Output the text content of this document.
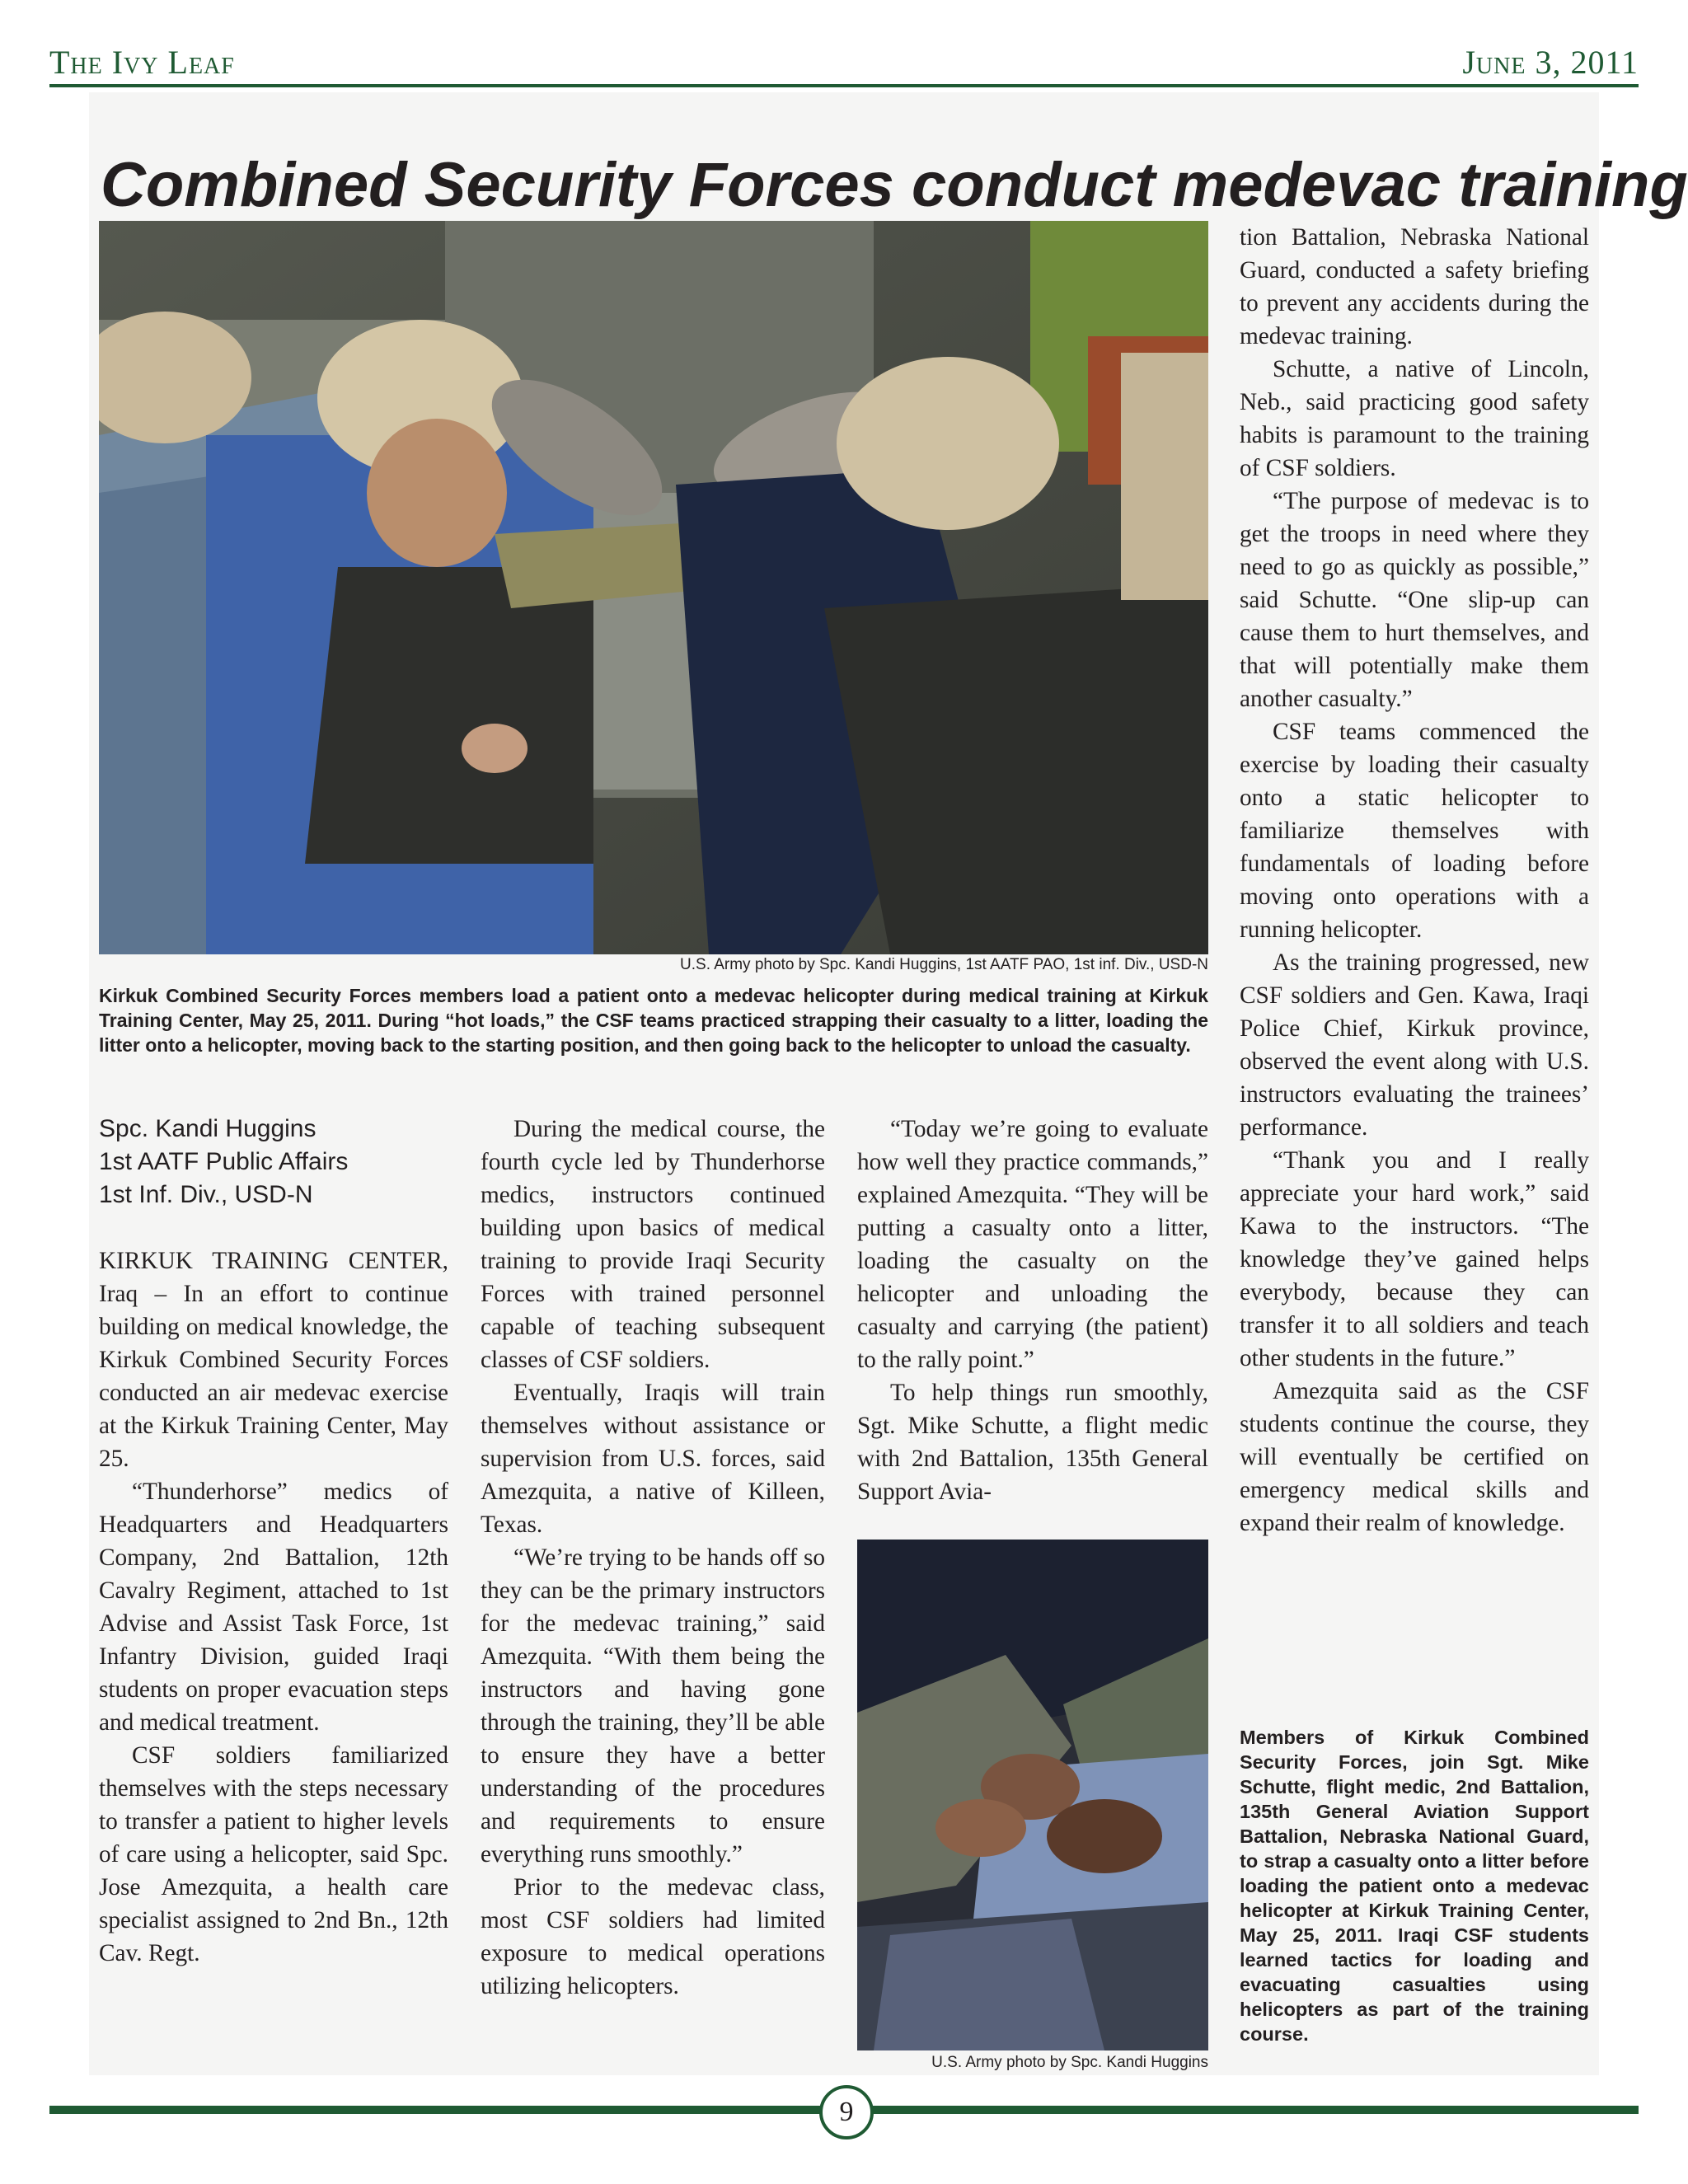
The Ivy Leaf	June 3, 2011
Combined Security Forces conduct medevac training
U.S. Army photo by Spc. Kandi Huggins, 1st AATF PAO, 1st inf. Div., USD-N

Kirkuk Combined Security Forces members load a patient onto a medevac helicopter during medical training at Kirkuk Training Center, May 25, 2011. During “hot loads,” the CSF teams practiced strapping their casualty to a litter, loading the litter onto a helicopter, moving back to the starting position, and then going back to the helicopter to unload the casualty.

Spc. Kandi Huggins
1st AATF Public Affairs
1st Inf. Div., USD-N

KIRKUK TRAINING CENTER, Iraq – In an effort to continue building on medical knowledge, the Kirkuk Combined Security Forces conducted an air medevac exercise at the Kirkuk Training Center, May 25.

“Thunderhorse” medics of Headquarters and Headquarters Company, 2nd Battalion, 12th Cavalry Regiment, attached to 1st Advise and Assist Task Force, 1st Infantry Division, guided Iraqi students on proper evacuation steps and medical treatment.

CSF soldiers familiarized themselves with the steps necessary to transfer a patient to higher levels of care using a helicopter, said Spc. Jose Amezquita, a health care specialist assigned to 2nd Bn., 12th Cav. Regt.

During the medical course, the fourth cycle led by Thunderhorse medics, instructors continued building upon basics of medical training to provide Iraqi Security Forces with trained personnel capable of teaching subsequent classes of CSF soldiers.

Eventually, Iraqis will train themselves without assistance or supervision from U.S. forces, said Amezquita, a native of Killeen, Texas.

“We’re trying to be hands off so they can be the primary instructors for the medevac training,” said Amezquita. “With them being the instructors and having gone through the training, they’ll be able to ensure they have a better understanding of the procedures and requirements to ensure everything runs smoothly.”

Prior to the medevac class, most CSF soldiers had limited exposure to medical operations utilizing helicopters.

“Today we’re going to evaluate how well they practice commands,” explained Amezquita. “They will be putting a casualty onto a litter, loading the casualty on the helicopter and unloading the casualty and carrying (the patient) to the rally point.”

To help things run smoothly, Sgt. Mike Schutte, a flight medic with 2nd Battalion, 135th General Support Avia-

U.S. Army photo by Spc. Kandi Huggins

tion Battalion, Nebraska National Guard, conducted a safety briefing to prevent any accidents during the medevac training.

Schutte, a native of Lincoln, Neb., said practicing good safety habits is paramount to the training of CSF soldiers.

“The purpose of medevac is to get the troops in need where they need to go as quickly as possible,” said Schutte. “One slip-up can cause them to hurt themselves, and that will potentially make them another casualty.”

CSF teams commenced the exercise by loading their casualty onto a static helicopter to familiarize themselves with fundamentals of loading before moving onto operations with a running helicopter.

As the training progressed, new CSF soldiers and Gen. Kawa, Iraqi Police Chief, Kirkuk province, observed the event along with U.S. instructors evaluating the trainees’ performance.

“Thank you and I really appreciate your hard work,” said Kawa to the instructors. “The knowledge they’ve gained helps everybody, because they can transfer it to all soldiers and teach other students in the future.”

Amezquita said as the CSF students continue the course, they will eventually be certified on emergency medical skills and expand their realm of knowledge.

Members of Kirkuk Combined Security Forces, join Sgt. Mike Schutte, flight medic, 2nd Battalion, 135th General Aviation Support Battalion, Nebraska National Guard, to strap a casualty onto a litter before loading the patient onto a medevac helicopter at Kirkuk Training Center, May 25, 2011. Iraqi CSF students learned tactics for loading and evacuating casualties using helicopters as part of the training course.

9
